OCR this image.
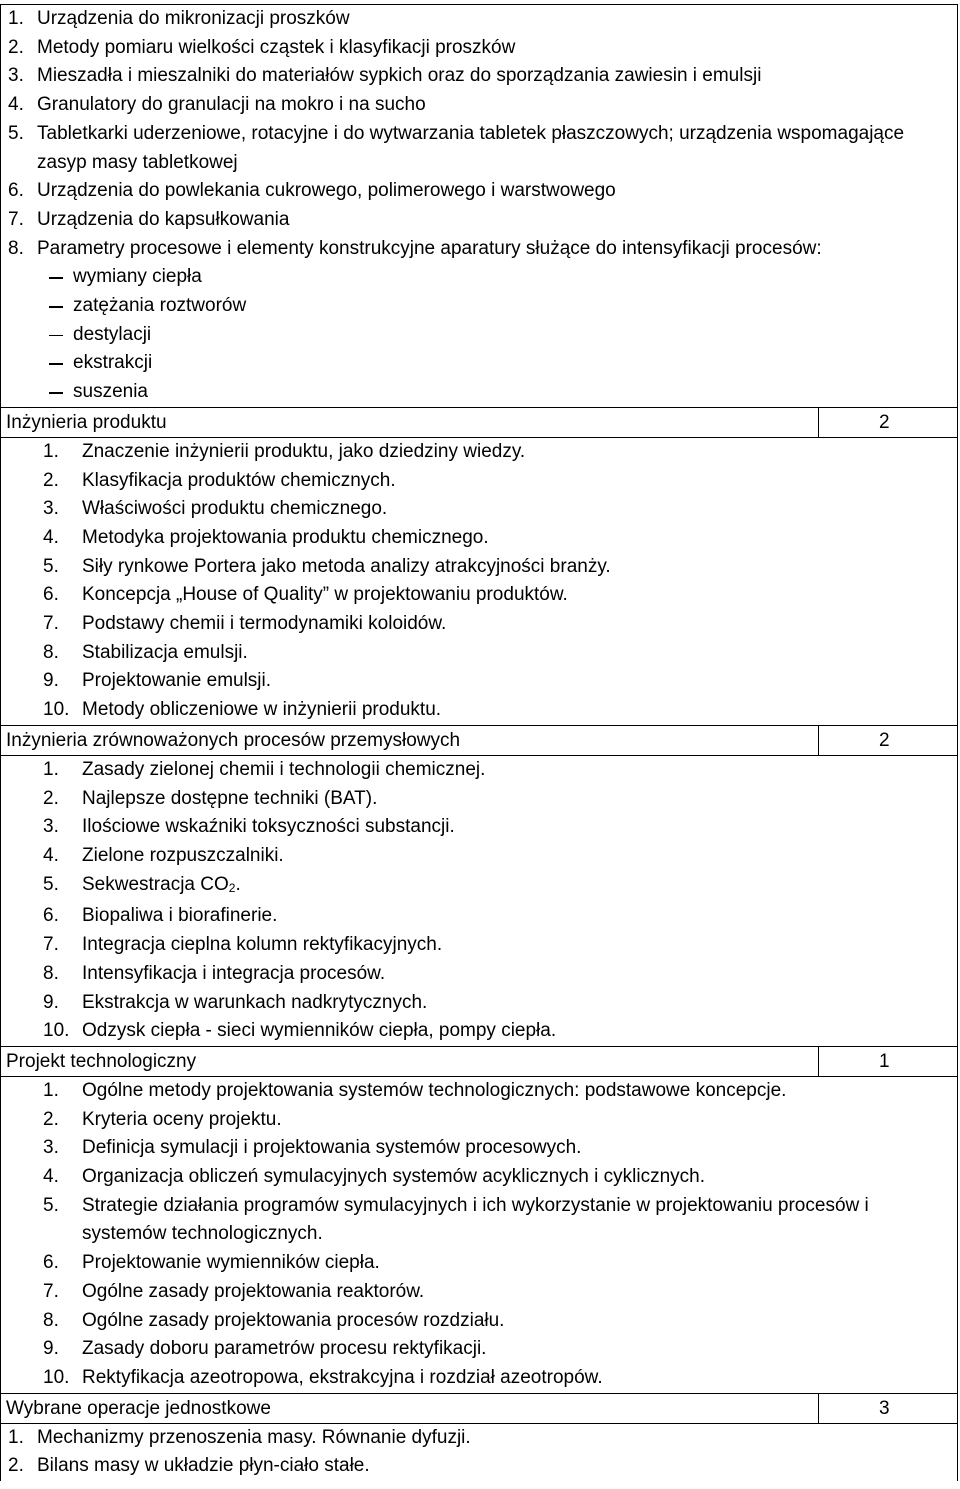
1. Urządzenia do mikronizacji proszków
2. Metody pomiaru wielkości cząstek i klasyfikacji proszków
3. Mieszadła i mieszalniki do materiałów sypkich oraz do sporządzania zawiesin i emulsji
4. Granulatory do granulacji na mokro i na sucho
5. Tabletkarki uderzeniowe, rotacyjne i do wytwarzania tabletek płaszczowych; urządzenia wspomagające zasyp masy tabletkowej
6. Urządzenia do powlekania cukrowego, polimerowego i warstwowego
7. Urządzenia do kapsułkowania
8. Parametry procesowe i elementy konstrukcyjne aparatury służące do intensyfikacji procesów:
wymiany ciepła
zatężania roztworów
destylacji
ekstrakcji
suszenia
Inżynieria produktu	2
1.	Znaczenie inżynierii produktu, jako dziedziny wiedzy.
2.	Klasyfikacja produktów chemicznych.
3.	Właściwości produktu chemicznego.
4.	Metodyka projektowania produktu chemicznego.
5.	Siły rynkowe Portera jako metoda analizy atrakcyjności branży.
6.	Koncepcja „House of Quality” w projektowaniu produktów.
7.	Podstawy chemii i termodynamiki koloidów.
8.	Stabilizacja emulsji.
9.	Projektowanie emulsji.
10. Metody obliczeniowe w inżynierii produktu.
Inżynieria zrównoważonych procesów przemysłowych	2
1.	Zasady zielonej chemii i technologii chemicznej.
2.	Najlepsze dostępne techniki (BAT).
3.	Ilościowe wskaźniki toksyczności substancji.
4.	Zielone rozpuszczalniki.
5.	Sekwestracja $CO_2$.
6.	Biopaliwa i biorafinerie.
7.	Integracja cieplna kolumn rektyfikacyjnych.
8.	Intensyfikacja i integracja procesów.
9.	Ekstrakcja w warunkach nadkrytycznych.
10. Odzysk ciepła - sieci wymienników ciepła, pompy ciepła.
Projekt technologiczny	1
1.	Ogólne metody projektowania systemów technologicznych: podstawowe koncepcje.
2.	Kryteria oceny projektu.
3.	Definicja symulacji i projektowania systemów procesowych.
4.	Organizacja obliczeń symulacyjnych systemów acyklicznych i cyklicznych.
5.	Strategie działania programów symulacyjnych i ich wykorzystanie w projektowaniu procesów i systemów technologicznych.
6.	Projektowanie wymienników ciepła.
7.	Ogólne zasady projektowania reaktorów.
8.	Ogólne zasady projektowania procesów rozdziału.
9.	Zasady doboru parametrów procesu rektyfikacji.
10. Rektyfikacja azeotropowa, ekstrakcyjna i rozdział azeotropów.
Wybrane operacje jednostkowe	3
1. Mechanizmy przenoszenia masy. Równanie dyfuzji.
2. Bilans masy w układzie płyn-ciało stałe.
